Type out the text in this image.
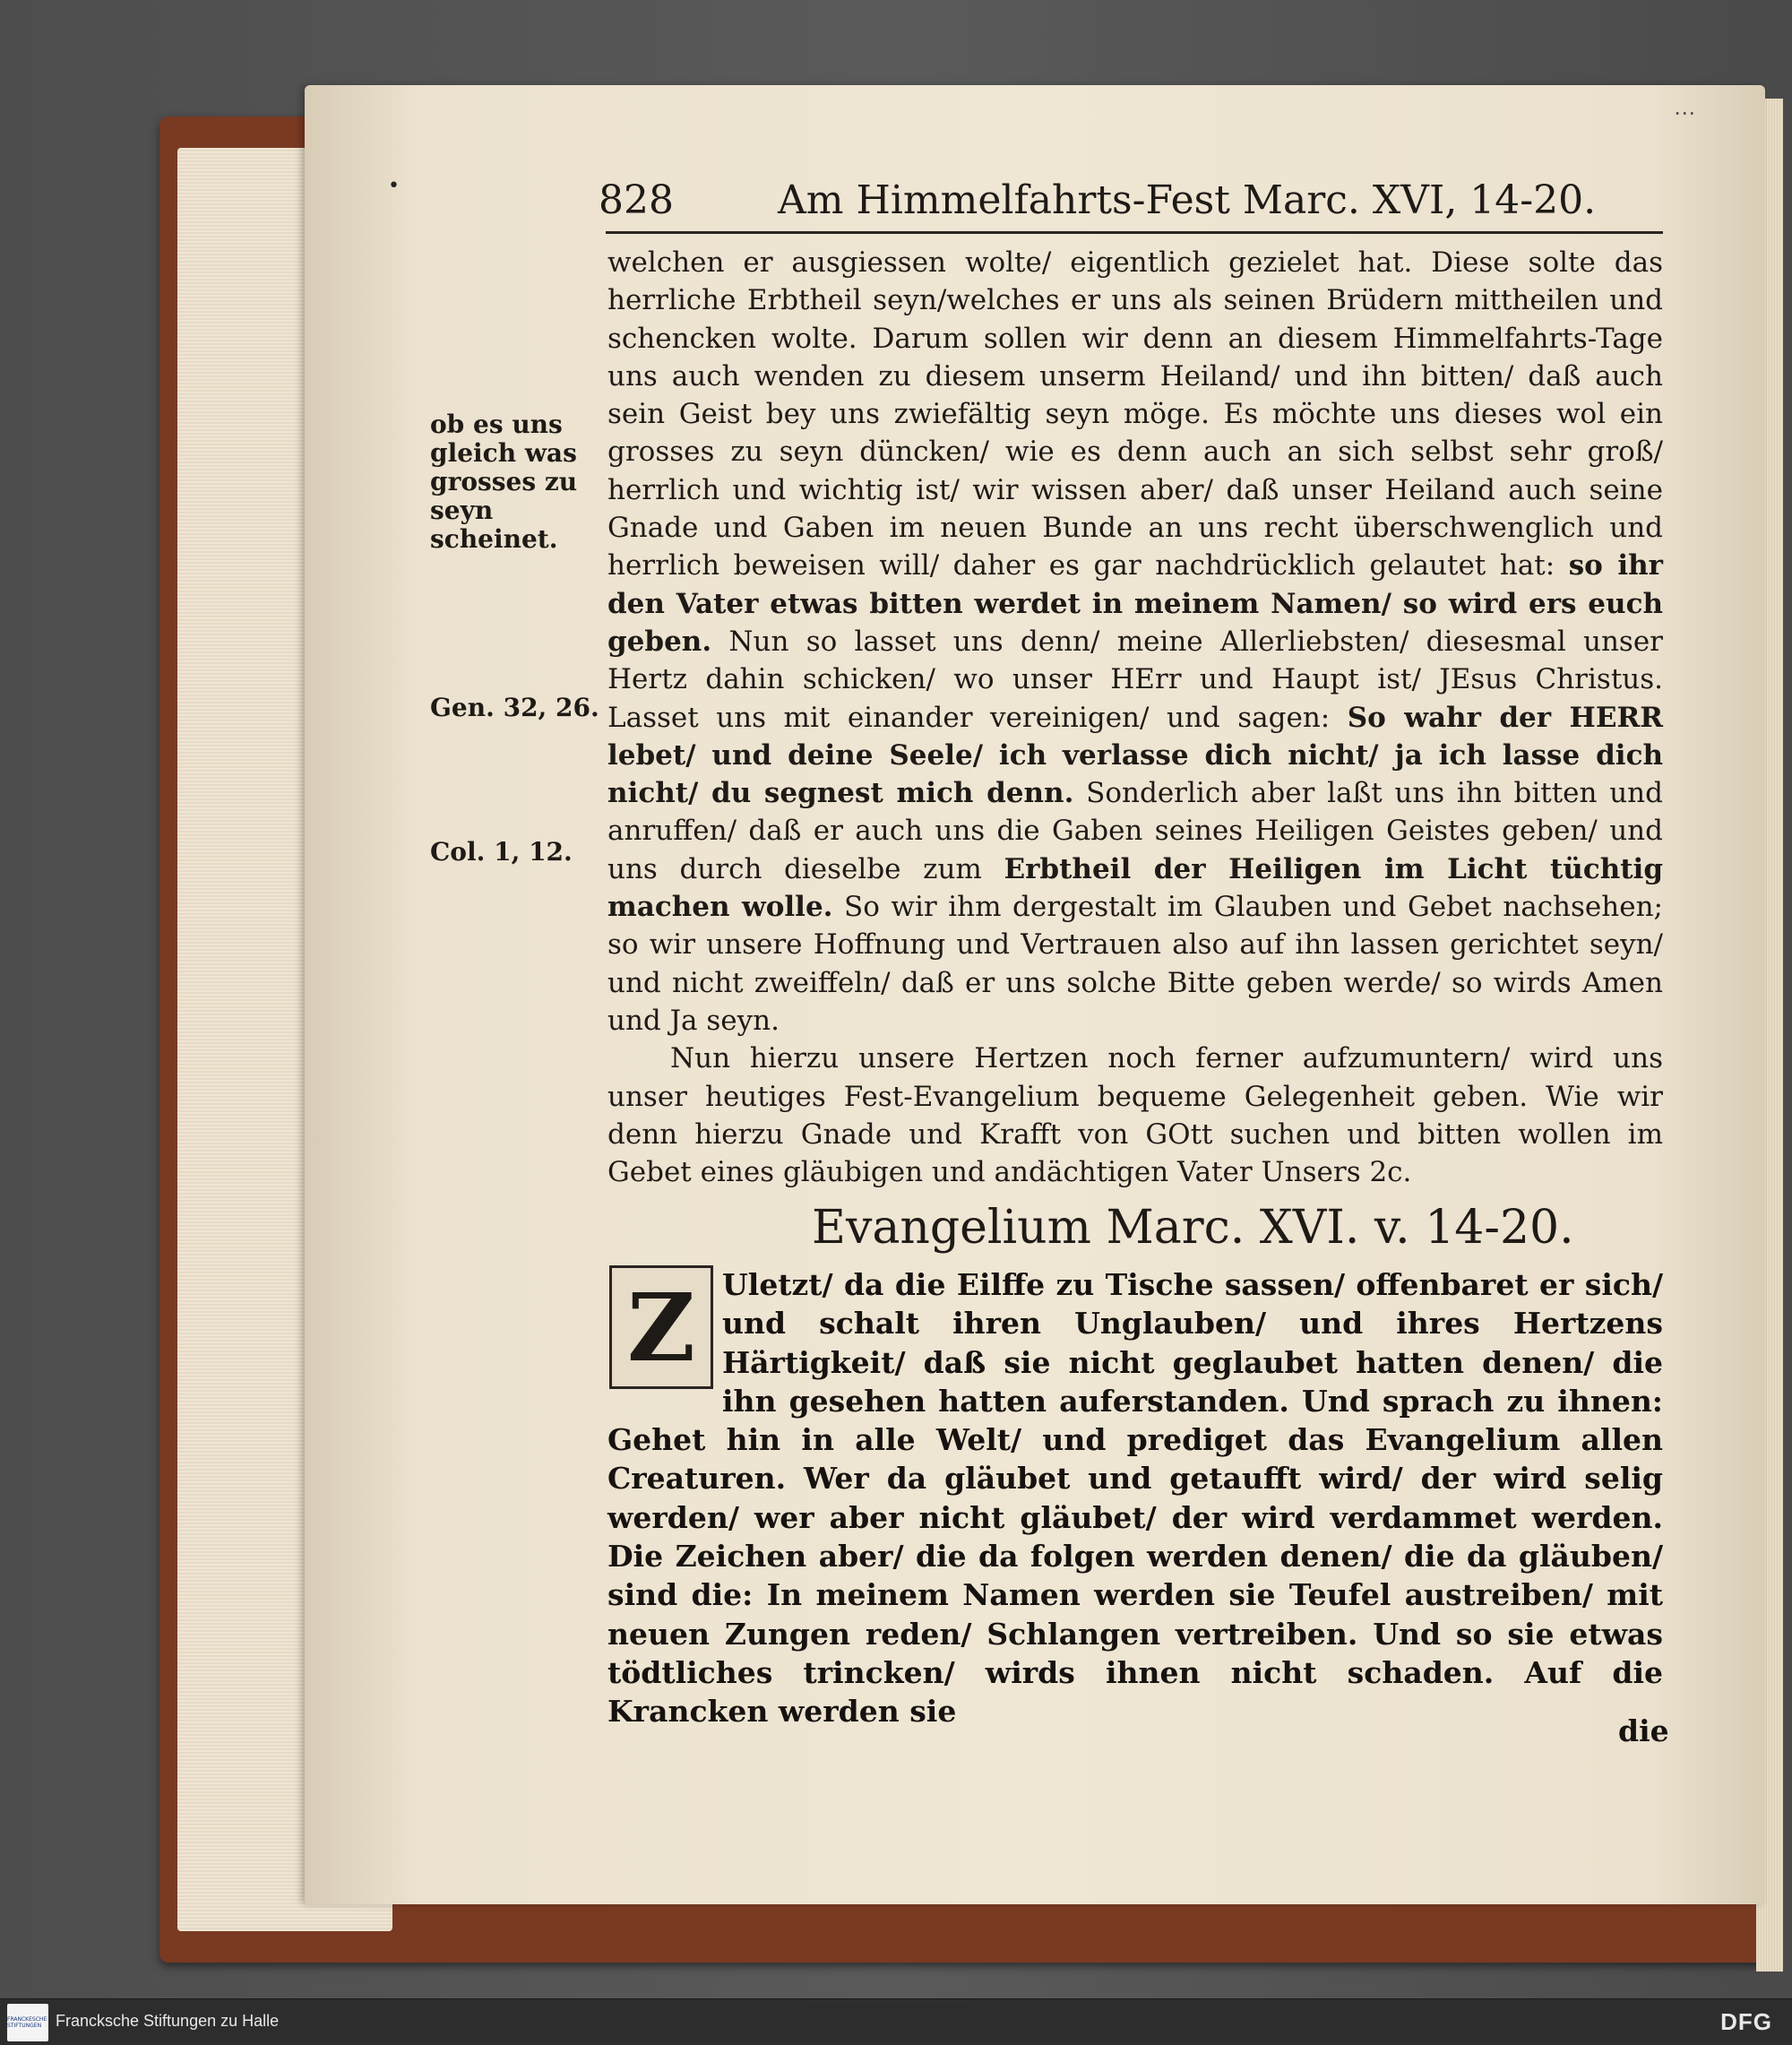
⋯
•	828	Am Himmelfahrts-Fest Marc. XVI, 14-20.

welchen er ausgiessen wolte/ eigentlich gezielet hat. Diese solte das herrliche Erbtheil seyn/welches er uns als seinen Brüdern mittheilen und schencken wolte. Darum sollen wir denn an diesem Himmelfahrts-Tage uns auch wenden zu diesem unserm Heiland/ und ihn bitten/ daß auch sein Geist bey uns zwiefältig seyn möge. Es möchte uns dieses wol ein grosses zu seyn düncken/ wie es denn auch an sich selbst sehr groß/ herrlich und wichtig ist/ wir wissen aber/ daß unser Heiland auch seine Gnade und Gaben im neuen Bunde an uns recht überschwenglich und herrlich beweisen will/ daher es gar nachdrücklich gelautet hat: so ihr den Vater etwas bitten werdet in meinem Namen/ so wird ers euch geben. Nun so lasset uns denn/ meine Allerliebsten/ diesesmal unser Hertz dahin schicken/ wo unser HErr und Haupt ist/ JEsus Christus. Lasset uns mit einander vereinigen/ und sagen: So wahr der HERR lebet/ und deine Seele/ ich verlasse dich nicht/ ja ich lasse dich nicht/ du segnest mich denn. Sonderlich aber laßt uns ihn bitten und anruffen/ daß er auch uns die Gaben seines Heiligen Geistes geben/ und uns durch dieselbe zum Erbtheil der Heiligen im Licht tüchtig machen wolle. So wir ihm dergestalt im Glauben und Gebet nachsehen; so wir unsere Hoffnung und Vertrauen also auf ihn lassen gerichtet seyn/ und nicht zweiffeln/ daß er uns solche Bitte geben werde/ so wirds Amen und Ja seyn.

Nun hierzu unsere Hertzen noch ferner aufzumuntern/ wird uns unser heutiges Fest-Evangelium bequeme Gelegenheit geben. Wie wir denn hierzu Gnade und Krafft von GOtt suchen und bitten wollen im Gebet eines gläubigen und andächtigen Vater Unsers 2c.

ob es uns gleich was grosses zu seyn scheinet.
Gen. 32, 26.
Col. 1, 12.
Evangelium Marc. XVI. v. 14-20.

Uletzt/ da die Eilffe zu Tische sassen/ offenbaret er sich/ und schalt ihren Unglauben/ und ihres Hertzens Härtigkeit/ daß sie nicht geglaubet hatten denen/ die ihn gesehen hatten auferstanden. Und sprach zu ihnen: Gehet hin in alle Welt/ und prediget das Evangelium allen Creaturen. Wer da gläubet und getaufft wird/ der wird selig werden/ wer aber nicht gläubet/ der wird verdammet werden. Die Zeichen aber/ die da folgen werden denen/ die da gläuben/ sind die: In meinem Namen werden sie Teufel austreiben/ mit neuen Zungen reden/ Schlangen vertreiben. Und so sie etwas tödtliches trincken/ wirds ihnen nicht schaden. Auf die Krancken werden sie

Z
die
FRANCKESCHE STIFTUNGEN Francksche Stiftungen zu Halle	DFG
